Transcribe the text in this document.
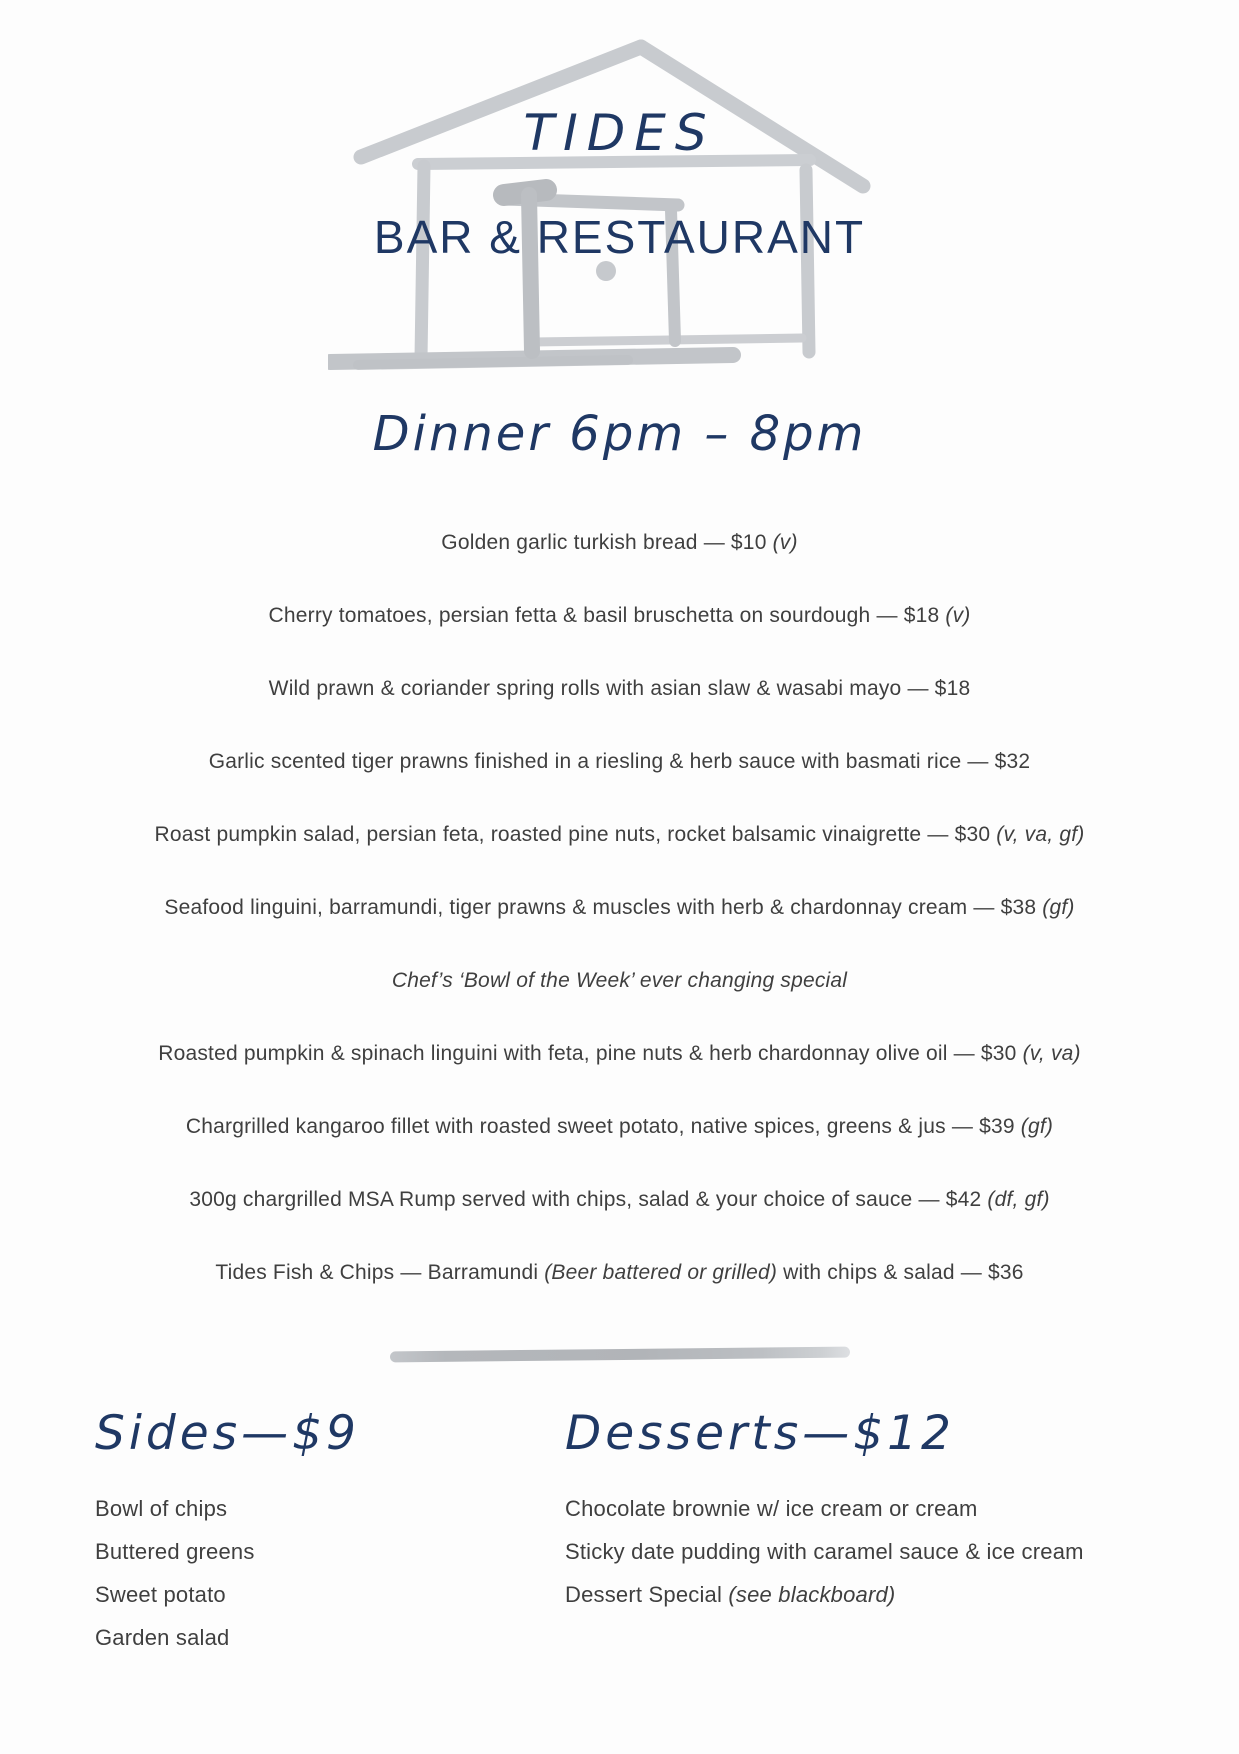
TIDES
BAR & RESTAURANT
Dinner 6pm – 8pm
Golden garlic turkish bread — $10 (v)
Cherry tomatoes, persian fetta & basil bruschetta on sourdough — $18 (v)
Wild prawn & coriander spring rolls with asian slaw & wasabi mayo — $18
Garlic scented tiger prawns finished in a riesling & herb sauce with basmati rice — $32
Roast pumpkin salad, persian feta, roasted pine nuts, rocket balsamic vinaigrette — $30 (v, va, gf)
Seafood linguini, barramundi, tiger prawns & muscles with herb & chardonnay cream — $38 (gf)
Chef’s ‘Bowl of the Week’ ever changing special
Roasted pumpkin & spinach linguini with feta, pine nuts & herb chardonnay olive oil — $30 (v, va)
Chargrilled kangaroo fillet with roasted sweet potato, native spices, greens & jus — $39 (gf)
300g chargrilled MSA Rump served with chips, salad & your choice of sauce — $42 (df, gf)
Tides Fish & Chips — Barramundi (Beer battered or grilled) with chips & salad — $36
Sides—$9
Bowl of chips
Buttered greens
Sweet potato
Garden salad
Desserts—$12
Chocolate brownie w/ ice cream or cream
Sticky date pudding with caramel sauce & ice cream
Dessert Special (see blackboard)
